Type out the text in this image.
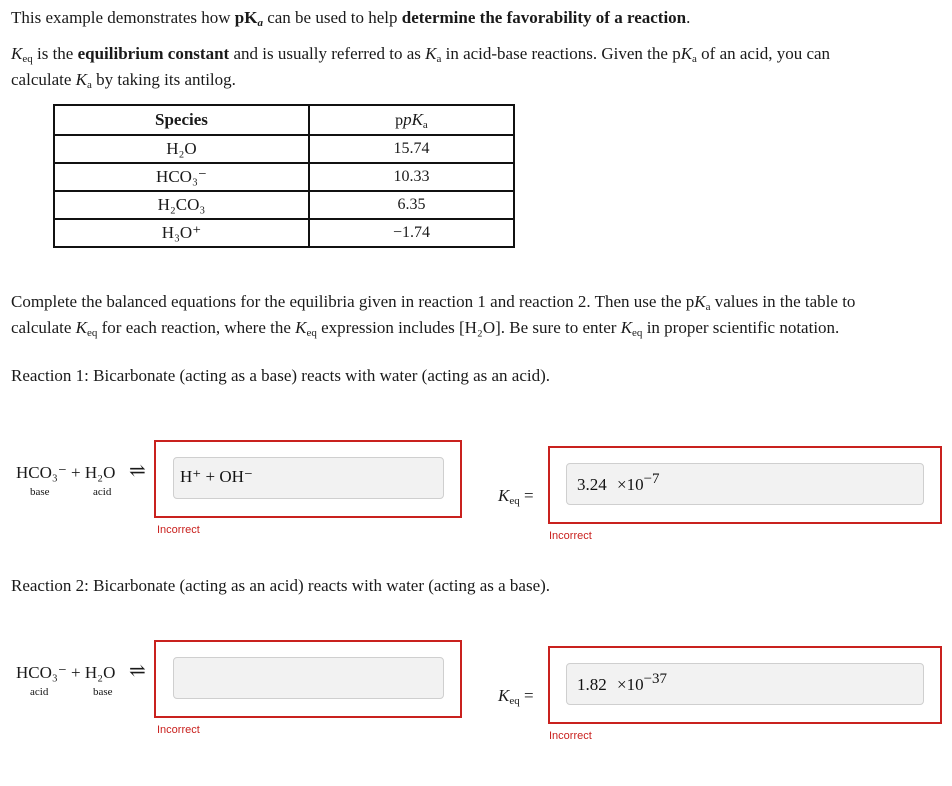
This example demonstrates how $pK_a$ can be used to help determine the favorability of a reaction.
$K_{eq}$ is the equilibrium constant and is usually referred to as $K_a$ in acid-base reactions. Given the $pK_a$ of an acid, you can
calculate $K_a$ by taking its antilog.
Species	ppK$_a$
H₂O	15.74
HCO₃⁻	10.33
H₂CO₃	6.35
H₃O⁺	−1.74
Complete the balanced equations for the equilibria given in reaction 1 and reaction 2. Then use the $pK_a$ values in the table to
calculate $K_{eq}$ for each reaction, where the $K_{eq}$ expression includes [H₂O]. Be sure to enter $K_{eq}$ in proper scientific notation.
Reaction 1: Bicarbonate (acting as a base) reacts with water (acting as an acid).
HCO₃⁻ + H₂O ⇌
base	acid
H⁺ + OH⁻
Incorrect
$K_{eq}$ =
$3.24 \times 10^{-7}$
Incorrect
Reaction 2: Bicarbonate (acting as an acid) reacts with water (acting as a base).
HCO₃⁻ + H₂O ⇌
acid	base
Incorrect
$K_{eq}$ =
$1.82 \times 10^{-37}$
Incorrect
